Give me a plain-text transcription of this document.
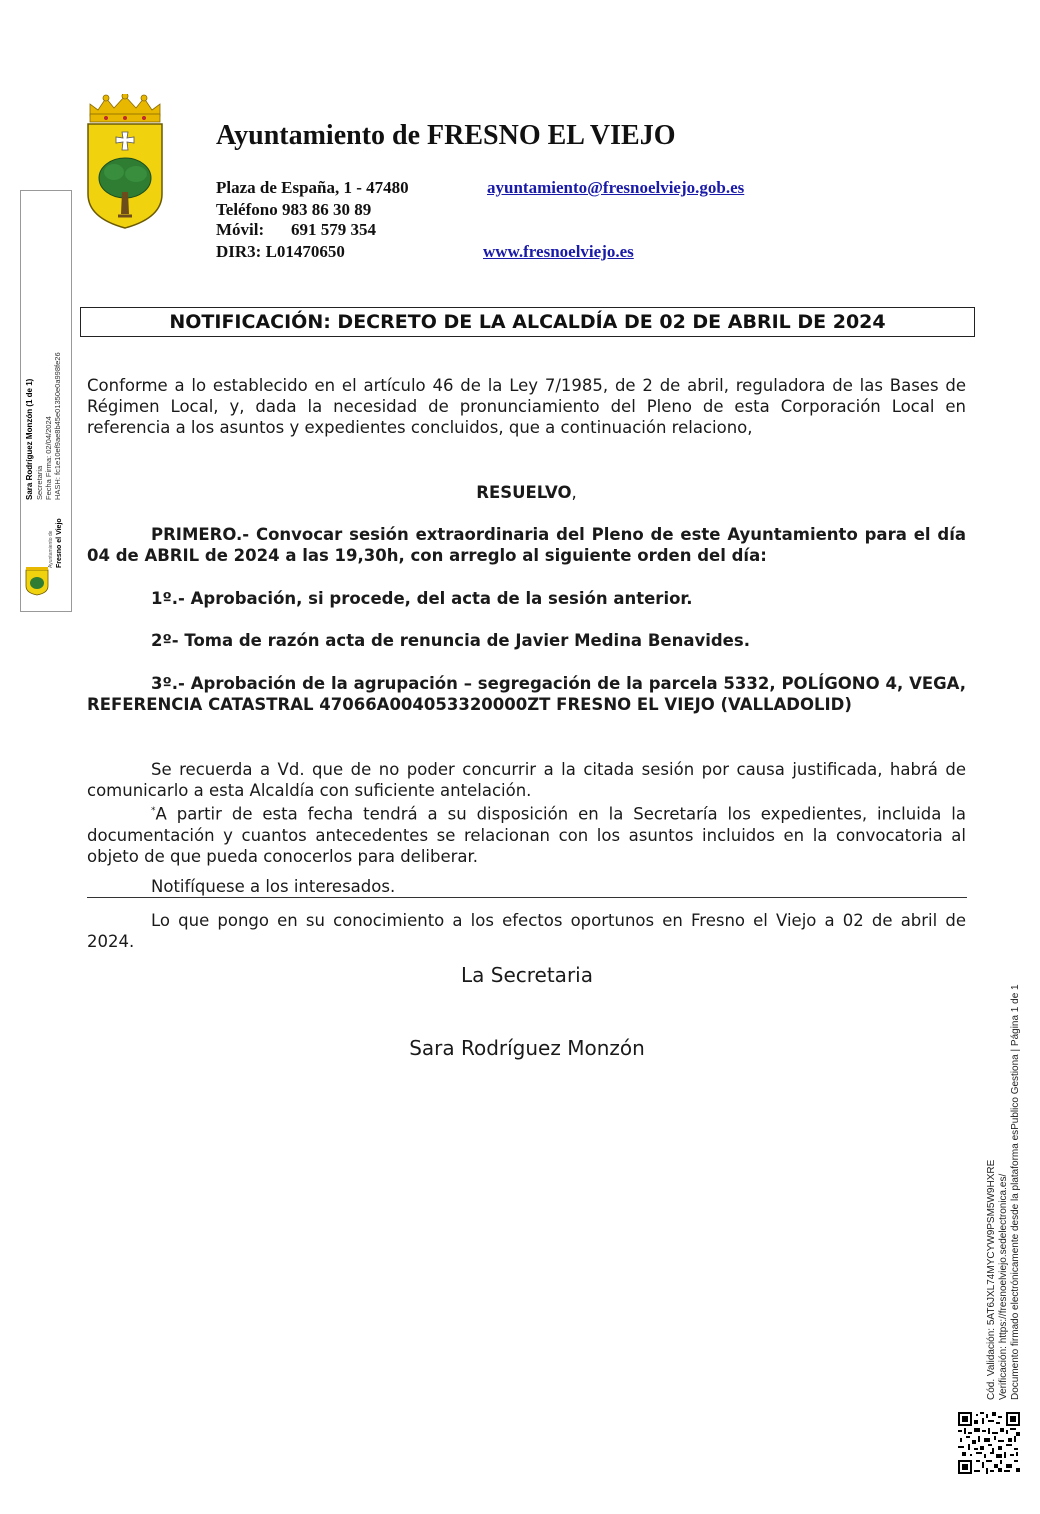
Ayuntamiento de FRESNO EL VIEJO
Plaza de España, 1 - 47480	ayuntamiento@fresnoelviejo.gob.es
Teléfono 983 86 30 89
Móvil: 691 579 354
DIR3: L01470650	www.fresnoelviejo.es
Sara Rodríguez Monzón (1 de 1) Secretaria Fecha Firma: 02/04/2024 HASH: fc1e10ef9ae8b45e01350e0a998fe26
Ayuntamiento de Fresno el Viejo
NOTIFICACIÓN: DECRETO DE LA ALCALDÍA DE 02 DE ABRIL DE 2024
Conforme a lo establecido en el artículo 46 de la Ley 7/1985, de 2 de abril, reguladora de las Bases de Régimen Local, y, dada la necesidad de pronunciamiento del Pleno de esta Corporación Local en referencia a los asuntos y expedientes concluidos, que a continuación relaciono,
RESUELVO,
PRIMERO.- Convocar sesión extraordinaria del Pleno de este Ayuntamiento para el día 04 de ABRIL de 2024 a las 19,30h, con arreglo al siguiente orden del día:
1º.- Aprobación, si procede, del acta de la sesión anterior.
2º- Toma de razón acta de renuncia de Javier Medina Benavides.
3º.- Aprobación de la agrupación – segregación de la parcela 5332, POLÍGONO 4, VEGA, REFERENCIA CATASTRAL 47066A004053320000ZT FRESNO EL VIEJO (VALLADOLID)
Se recuerda a Vd. que de no poder concurrir a la citada sesión por causa justificada, habrá de comunicarlo a esta Alcaldía con suficiente antelación.
*A partir de esta fecha tendrá a su disposición en la Secretaría los expedientes, incluida la documentación y cuantos antecedentes se relacionan con los asuntos incluidos en la convocatoria al objeto de que pueda conocerlos para deliberar.
Notifíquese a los interesados.
Lo que pongo en su conocimiento a los efectos oportunos en Fresno el Viejo a 02 de abril de 2024.
La Secretaria
Sara Rodríguez Monzón	Documento firmado electrónicamente desde la plataforma esPublico Gestiona | Página 1 de 1
Verificación: https://fresnoelviejo.sedelectronica.es/
Cód. Validación: 5AT6JXL74MYCYW9PSM5W9HXRE
